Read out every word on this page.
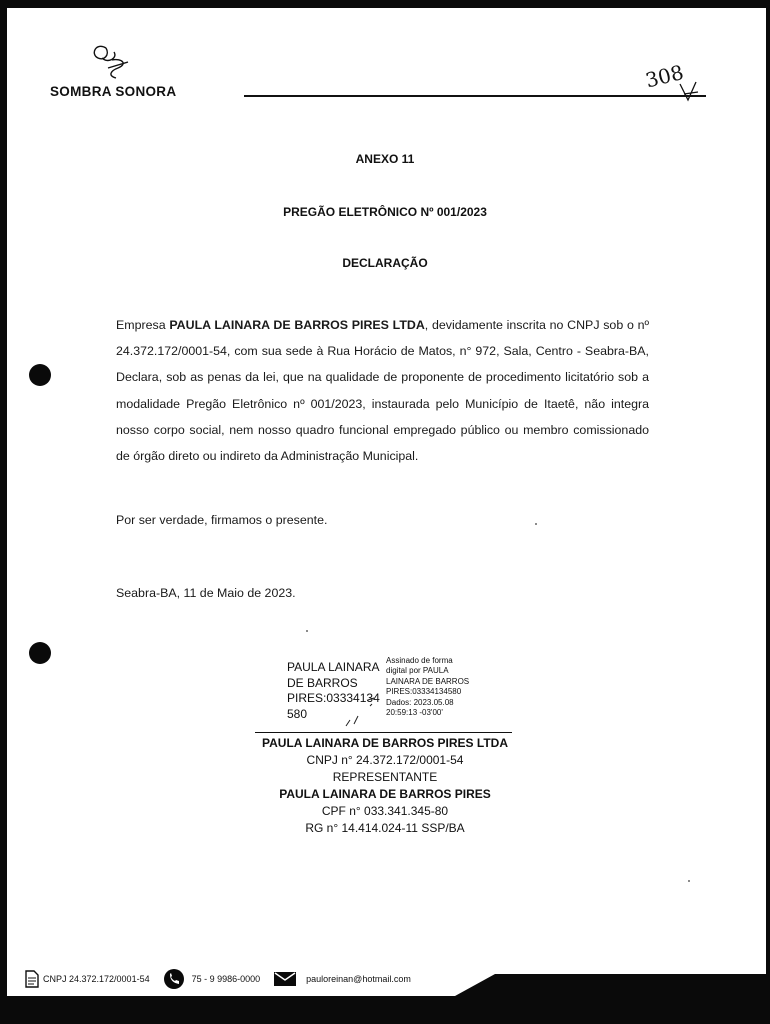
SOMBRA SONORA	308
ANEXO 11
PREGÃO ELETRÔNICO Nº 001/2023
DECLARAÇÃO
Empresa PAULA LAINARA DE BARROS PIRES LTDA, devidamente inscrita no CNPJ sob o nº 24.372.172/0001-54, com sua sede à Rua Horácio de Matos, n° 972, Sala, Centro - Seabra-BA, Declara, sob as penas da lei, que na qualidade de proponente de procedimento licitatório sob a modalidade Pregão Eletrônico nº 001/2023, instaurada pelo Município de Itaetê, não integra nosso corpo social, nem nosso quadro funcional empregado público ou membro comissionado de órgão direto ou indireto da Administração Municipal.
Por ser verdade, firmamos o presente.
Seabra-BA, 11 de Maio de 2023.
PAULA LAINARA
DE BARROS
PIRES:03334134
580
Assinado de forma
digital por PAULA
LAINARA DE BARROS
PIRES:03334134580
Dados: 2023.05.08
20:59:13 -03'00'
PAULA LAINARA DE BARROS PIRES LTDA
CNPJ n° 24.372.172/0001-54
REPRESENTANTE
PAULA LAINARA DE BARROS PIRES
CPF n° 033.341.345-80
RG n° 14.414.024-11 SSP/BA
CNPJ 24.372.172/0001-54	75 - 9 9986-0000	pauloreinan@hotmail.com
